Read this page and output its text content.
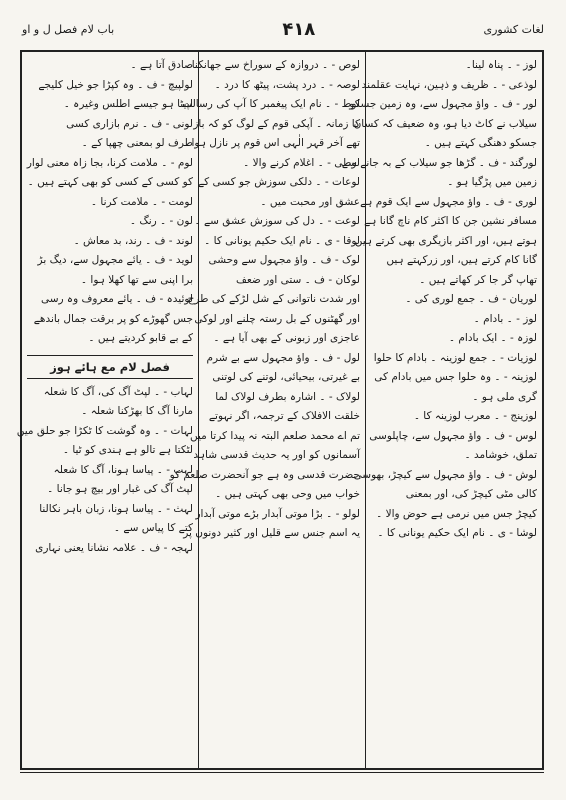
لغات کشوری
۴۱۸
باب لام فصل ل و او
لوز - ۔ پناہ لینا۔
لوذعی - ۔ ظریف و ذہین، نہایت عقلمند
لور - ف ۔ واؤ مجہول سے، وہ زمین جسکو
سیلاب نے کاٹ دیا ہو، وہ ضعیف کہ کسان
جسکو دھنگی کہتے ہیں ۔
لورگند - ف ۔ گڑھا جو سیلاب کے بہ جانے سے
زمین میں پڑگیا ہو ۔
لوری - ف ۔ واؤ مجہول سے ایک قوم ہے
مسافر نشین جن کا اکثر کام ناچ گانا ہے
ہوتے ہیں، اور اکثر بازیگری بھی کرتے ہیں
گانا کام کرتے ہیں، اور زرکہتے ہیں
تھاپ گر جا کر کھاتے ہیں ۔
لوریان - ف ۔ جمع لوری کی ۔
لوز - ۔ بادام ۔
لوزہ - ۔ ایک بادام ۔
لوزیات - ۔ جمع لوزینہ ۔ بادام کا حلوا
لوزینہ - ۔ وہ حلوا جس میں بادام کی
گری ملی ہو ۔
لوزینج - ۔ معرب لوزینہ کا ۔
لوس - ف ۔ واؤ مجہول سے، چاپلوسی
تملق، خوشامد ۔
لوش - ف ۔ واؤ مجہول سے کیچڑ، بھوسی
کالی مٹی کیچڑ کی، اور بمعنی
کیچڑ جس میں نرمی ہے حوض والا ۔
لوشا - ی ۔ نام ایک حکیم یونانی کا ۔
لوص - ۔ دروازہ کے سوراخ سے جھانکنا
لوصہ - ۔ درد پشت، پیٹھ کا درد ۔
لوط - ۔ نام ایک پیغمبر کا آپ کی رسالت
کا زمانہ ۔ آپکی قوم کے لوگ کو کہ باز
تھے آخر قہر الٰہی اس قوم پر نازل ہوا ۔
لوطی - ۔ اغلام کرنے والا ۔
لوعات - ۔ دلکی سوزش جو کسی کے
عشق اور محبت میں ۔
لوعت - ۔ دل کی سوزش عشق سے ۔
لوقا - ی ۔ نام ایک حکیم یونانی کا ۔
لوک - ف ۔ واؤ مجہول سے وحشی
لوکان - ف ۔ ستی اور ضعف
اور شدت ناتوانی کے شل لڑکے کی طرح
اور گھٹنوں کے بل رستہ چلنے اور لوکی
عاجزی اور زبونی کے بھی آیا ہے ۔
لول - ف ۔ واؤ مجہول سے بے شرم
بے غیرتی، بیحیائی، لوتنے کی لوتنی
لولاک - ۔ اشارہ بطرف لولاک لما
خلقت الافلاک کے ترجمہ، اگر نہوتے
تم اے محمد صلعم البتہ نہ پیدا کرتا میں
آسمانوں کو اور یہ حدیث قدسی شاہد
حضرت قدسی وہ ہے جو آنحضرت صلعم کو
خواب میں وحی بھی کہتی ہیں ۔
لولو - ۔ بڑا موتی آبدار بڑے موتی آبدار
یہ اسم جنس سے قلیل اور کثیر دونوں پر
صادق آتا ہے ۔
لولپیچ - ف ۔ وہ کپڑا جو خیل کلیجے
لپیٹا ہو جیسے اطلس وغیرہ ۔
لونی - ف ۔ نرم بازاری کسی
طرف لو بمعنی چھپا کے ۔
لوم - ۔ ملامت کرنا، بجا زاہ معنی لوار
کو کسی کے کسی کو بھی کہتے ہیں ۔
لومت - ۔ ملامت کرنا ۔
لون - ۔ رنگ ۔
لوند - ف ۔ رند، بد معاش ۔
لوید - ف ۔ یائے مجہول سے، دیگ بڑ
برا اپنی سے تھا کھلا ہوا ۔
لوئیدہ - ف ۔ یائے معروف وہ رسی
جس گھوڑے کو پر برقت جمال باندھے
کے بے قابو کردیتے ہیں ۔
فصل لام مع ہائے ہوز
لہاب - ۔ لپٹ آگ کی، آگ کا شعلہ
مارنا آگ کا بھڑکنا شعلہ ۔
لہات - ۔ وہ گوشت کا ٹکڑا جو حلق میں
لٹکتا ہے تالو ہے ہندی کو ٹیا ۔
لہب - ۔ پیاسا ہونا، آگ کا شعلہ
لپٹ آگ کی غبار اور بیچ ہو جانا ۔
لہث - ۔ پیاسا ہونا، زبان باہر نکالنا
کتے کا پیاس سے ۔
لہجہ - ف ۔ علامہ نشانا یعنی نہاری
